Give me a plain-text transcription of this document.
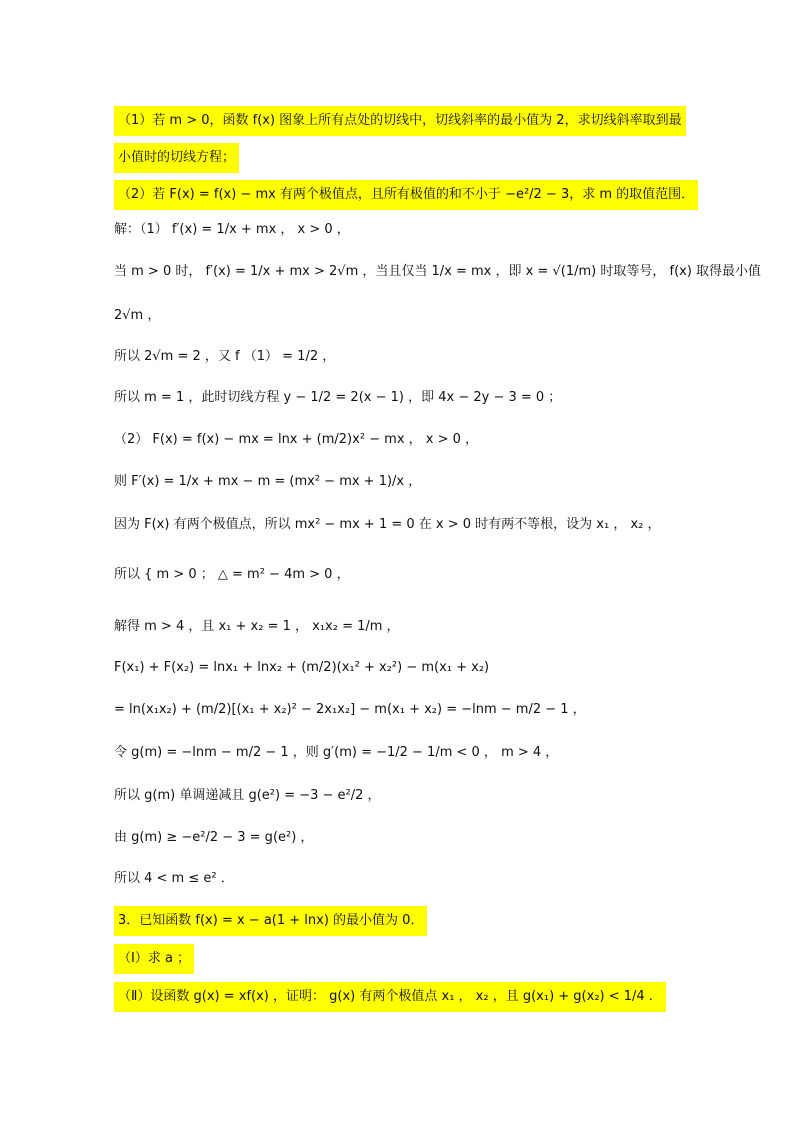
（1）若 m > 0，函数 f(x) 图象上所有点处的切线中，切线斜率的最小值为 2，求切线斜率取到最
小值时的切线方程；
（2）若 F(x) = f(x) − mx 有两个极值点，且所有极值的和不小于 −e²/2 − 3，求 m 的取值范围．
解：（1） f′(x) = 1/x + mx ， x > 0 ，
当 m > 0 时， f′(x) = 1/x + mx > 2√m ，当且仅当 1/x = mx ，即 x = √(1/m) 时取等号， f(x) 取得最小值
2√m ，
所以 2√m = 2 ，又 f （1） = 1/2 ，
所以 m = 1 ，此时切线方程 y − 1/2 = 2(x − 1) ，即 4x − 2y − 3 = 0 ；
（2） F(x) = f(x) − mx = lnx + (m/2)x² − mx ， x > 0 ，
则 F′(x) = 1/x + mx − m = (mx² − mx + 1)/x ，
因为 F(x) 有两个极值点，所以 mx² − mx + 1 = 0 在 x > 0 时有两不等根，设为 x₁ ， x₂ ，
所以 { m > 0 ； △ = m² − 4m > 0 ，
解得 m > 4 ，且 x₁ + x₂ = 1 ， x₁x₂ = 1/m ，
F(x₁) + F(x₂) = lnx₁ + lnx₂ + (m/2)(x₁² + x₂²) − m(x₁ + x₂)
= ln(x₁x₂) + (m/2)[(x₁ + x₂)² − 2x₁x₂] − m(x₁ + x₂) = −lnm − m/2 − 1 ，
令 g(m) = −lnm − m/2 − 1 ，则 g′(m) = −1/2 − 1/m < 0 ， m > 4 ，
所以 g(m) 单调递减且 g(e²) = −3 − e²/2 ，
由 g(m) ≥ −e²/2 − 3 = g(e²) ，
所以 4 < m ≤ e² ．
3．已知函数 f(x) = x − a(1 + lnx) 的最小值为 0．
（Ⅰ）求 a ；
（Ⅱ）设函数 g(x) = xf(x) ，证明： g(x) 有两个极值点 x₁ ， x₂ ，且 g(x₁) + g(x₂) < 1/4 ．
